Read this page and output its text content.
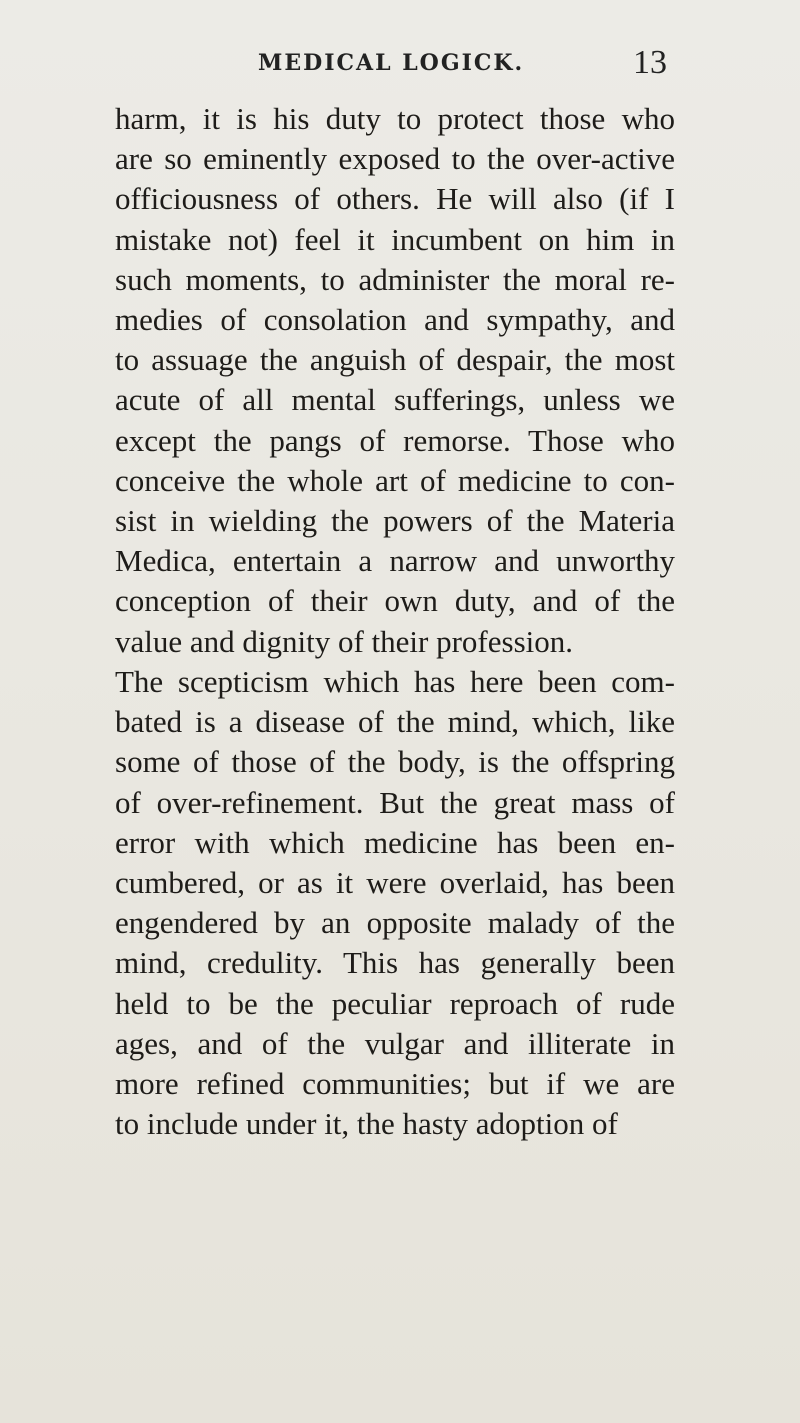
MEDICAL LOGICK.	13
harm, it is his duty to protect those who
are so eminently exposed to the over-active
officiousness of others. He will also (if I
mistake not) feel it incumbent on him in
such moments, to administer the moral re-
medies of consolation and sympathy, and
to assuage the anguish of despair, the most
acute of all mental sufferings, unless we
except the pangs of remorse. Those who
conceive the whole art of medicine to con-
sist in wielding the powers of the Materia
Medica, entertain a narrow and unworthy
conception of their own duty, and of the
value and dignity of their profession.
The scepticism which has here been com-
bated is a disease of the mind, which, like
some of those of the body, is the offspring
of over-refinement. But the great mass of
error with which medicine has been en-
cumbered, or as it were overlaid, has been
engendered by an opposite malady of the
mind, credulity. This has generally been
held to be the peculiar reproach of rude
ages, and of the vulgar and illiterate in
more refined communities; but if we are
to include under it, the hasty adoption of
